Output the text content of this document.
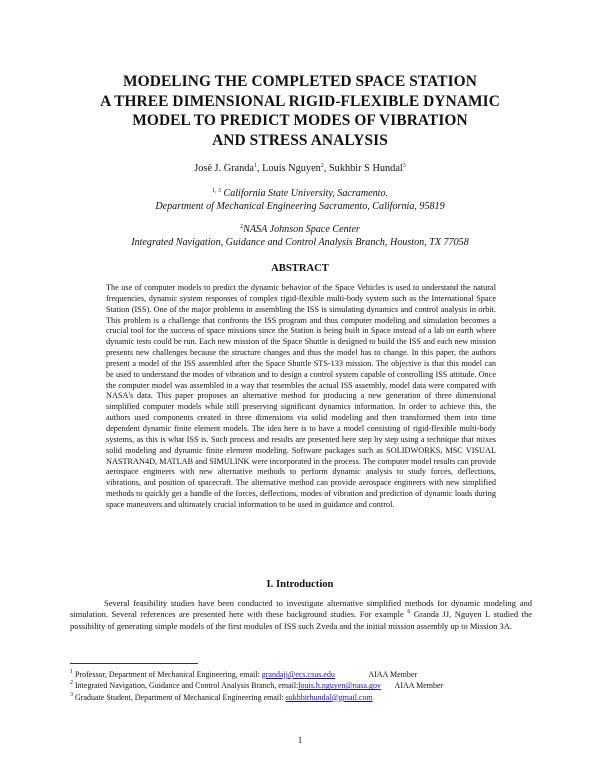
MODELING THE COMPLETED SPACE STATION
A THREE DIMENSIONAL RIGID-FLEXIBLE DYNAMIC
MODEL TO PREDICT MODES OF VIBRATION
AND STRESS ANALYSIS
José J. Granda$^1$, Louis Nguyen$^2$, Sukhbir S Hundal$^3$
$^{1, 3}$ California State University, Sacramento.
Department of Mechanical Engineering Sacramento, California, 95819
$^2$NASA Johnson Space Center
Integrated Navigation, Guidance and Control Analysis Branch, Houston, TX 77058
ABSTRACT
The use of computer models to predict the dynamic behavior of the Space Vehicles is used to understand the natural frequencies, dynamic system responses of complex rigid-flexible multi-body system such as the International Space Station (ISS). One of the major problems in assembling the ISS is simulating dynamics and control analysis in orbit. This problem is a challenge that confronts the ISS program and thus computer modeling and simulation becomes a crucial tool for the success of space missions since the Station is being built in Space instead of a lab on earth where dynamic tests could be run. Each new mission of the Space Shuttle is designed to build the ISS and each new mission presents new challenges because the structure changes and thus the model has to change. In this paper, the authors present a model of the ISS assembled after the Space Shuttle STS-133 mission. The objective is that this model can be used to understand the modes of vibration and to design a control system capable of controlling ISS attitude. Once the computer model was assembled in a way that resembles the actual ISS assembly, model data were compared with NASA's data. This paper proposes an alternative method for producing a new generation of three dimensional simplified computer models while still preserving significant dynamics information. In order to achieve this, the authors used components created in three dimensions via solid modeling and then transformed them into time dependent dynamic finite element models. The idea here is to have a model consisting of rigid-flexible multi-body systems, as this is what ISS is. Such process and results are presented here step by step using a technique that mixes solid modeling and dynamic finite element modeling. Software packages such as SOLIDWORKS, MSC VISUAL NASTRAN4D, MATLAB and SIMULINK were incorporated in the process. The computer model results can provide aerospace engineers with new alternative methods to perform dynamic analysis to study forces, deflections, vibrations, and position of spacecraft. The alternative method can provide aerospace engineers with new simplified methods to quickly get a handle of the forces, deflections, modes of vibration and prediction of dynamic loads during space maneuvers and ultimately crucial information to be used in guidance and control.
I. Introduction
Several feasibility studies have been conducted to investigate alternative simplified methods for dynamic modeling and simulation. Several references are presented here with these background studies. For example $^6$ Granda JJ, Nguyen L studied the possibility of generating simple models of the first modules of ISS such Zveda and the initial mission assembly up to Mission 3A.
$^1$ Professor, Department of Mechanical Engineering, email: grandajj@ecs.csus.edu	AIAA Member
$^2$ Integrated Navigation, Guidance and Control Analysis Branch, email:louis.h.nguyen@nasa.gov AIAA Member
$^3$ Graduate Student, Department of Mechanical Engineering email: sukhbirhundal@gmail.com
1
